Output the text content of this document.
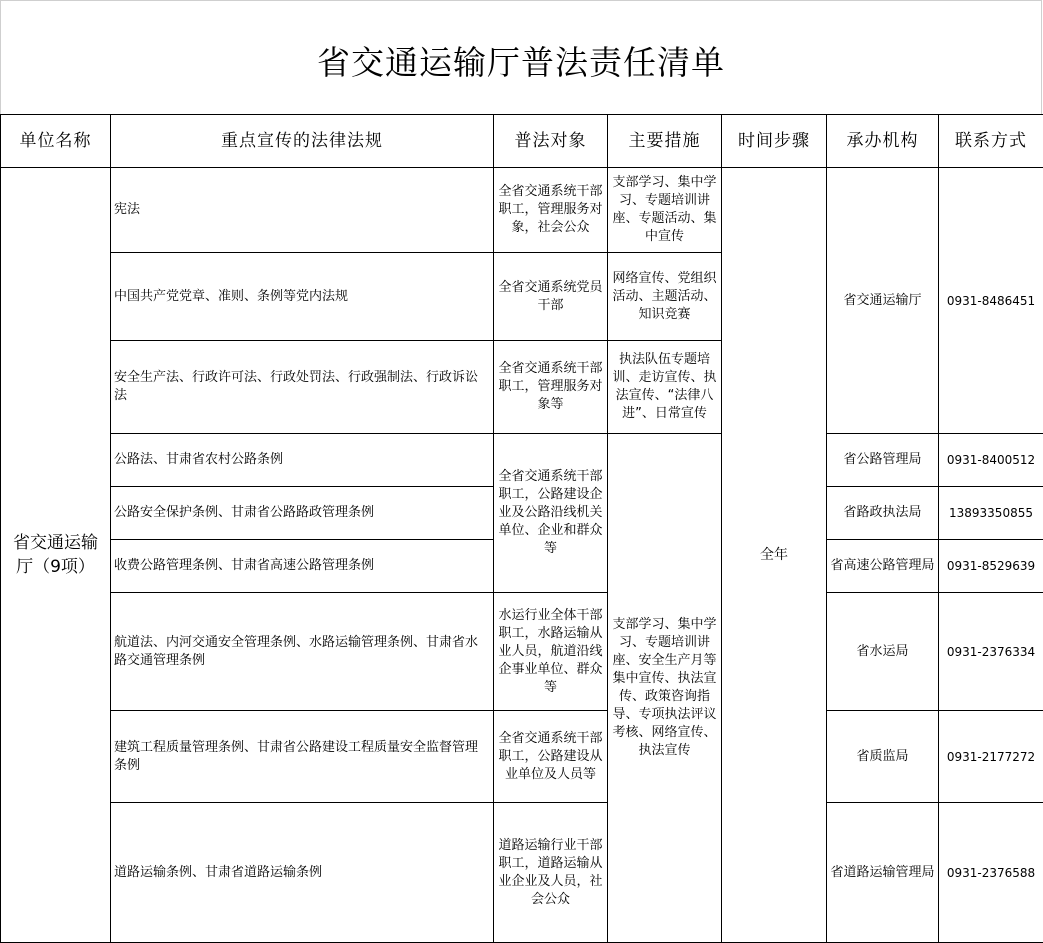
省交通运输厅普法责任清单
单位名称	重点宣传的法律法规	普法对象	主要措施	时间步骤	承办机构	联系方式
省交通运输厅（9项）	宪法	全省交通系统干部职工，管理服务对象，社会公众	支部学习、集中学习、专题培训讲座、专题活动、集中宣传	全年	省交通运输厅	0931-8486451
	中国共产党党章、准则、条例等党内法规	全省交通系统党员干部	网络宣传、党组织活动、主题活动、知识竞赛			
	安全生产法、行政许可法、行政处罚法、行政强制法、行政诉讼法	全省交通系统干部职工，管理服务对象等	执法队伍专题培训、走访宣传、执法宣传、“法律八进”、日常宣传			
	公路法、甘肃省农村公路条例	全省交通系统干部职工，公路建设企业及公路沿线机关单位、企业和群众等	支部学习、集中学习、专题培训讲座、安全生产月等集中宣传、执法宣传、政策咨询指导、专项执法评议考核、网络宣传、执法宣传		省公路管理局	0931-8400512
	公路安全保护条例、甘肃省公路路政管理条例				省路政执法局	13893350855
	收费公路管理条例、甘肃省高速公路管理条例				省高速公路管理局	0931-8529639
	航道法、内河交通安全管理条例、水路运输管理条例、甘肃省水路交通管理条例	水运行业全体干部职工，水路运输从业人员，航道沿线企事业单位、群众等			省水运局	0931-2376334
	建筑工程质量管理条例、甘肃省公路建设工程质量安全监督管理条例	全省交通系统干部职工，公路建设从业单位及人员等			省质监局	0931-2177272
	道路运输条例、甘肃省道路运输条例	道路运输行业干部职工，道路运输从业企业及人员，社会公众			省道路运输管理局	0931-2376588
